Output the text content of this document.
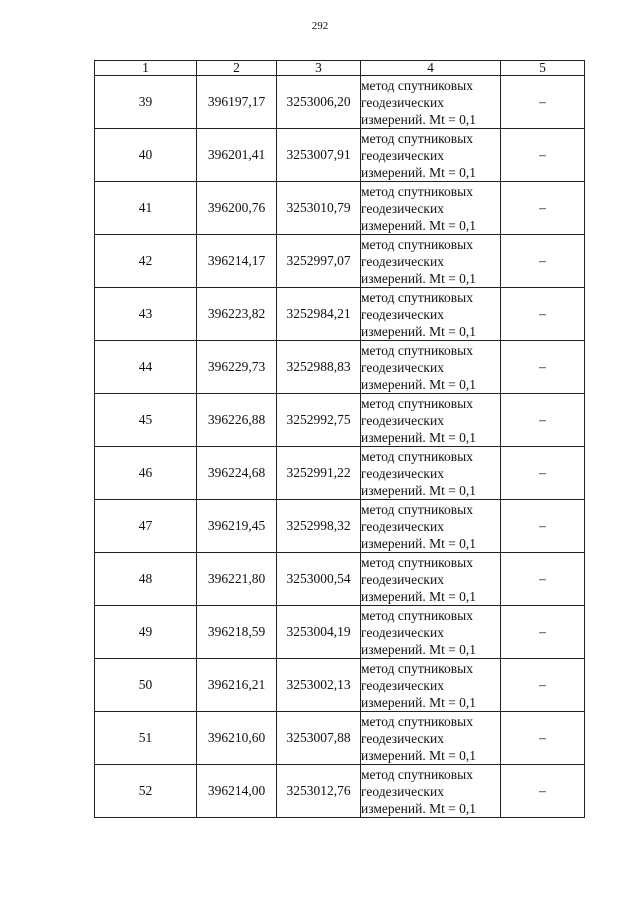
292
1	2	3	4	5
39	396197,17	3253006,20	метод спутниковых
геодезических
измерений. Mt = 0,1	–
40	396201,41	3253007,91	метод спутниковых
геодезических
измерений. Mt = 0,1	–
41	396200,76	3253010,79	метод спутниковых
геодезических
измерений. Mt = 0,1	–
42	396214,17	3252997,07	метод спутниковых
геодезических
измерений. Mt = 0,1	–
43	396223,82	3252984,21	метод спутниковых
геодезических
измерений. Mt = 0,1	–
44	396229,73	3252988,83	метод спутниковых
геодезических
измерений. Mt = 0,1	–
45	396226,88	3252992,75	метод спутниковых
геодезических
измерений. Mt = 0,1	–
46	396224,68	3252991,22	метод спутниковых
геодезических
измерений. Mt = 0,1	–
47	396219,45	3252998,32	метод спутниковых
геодезических
измерений. Mt = 0,1	–
48	396221,80	3253000,54	метод спутниковых
геодезических
измерений. Mt = 0,1	–
49	396218,59	3253004,19	метод спутниковых
геодезических
измерений. Mt = 0,1	–
50	396216,21	3253002,13	метод спутниковых
геодезических
измерений. Mt = 0,1	–
51	396210,60	3253007,88	метод спутниковых
геодезических
измерений. Mt = 0,1	–
52	396214,00	3253012,76	метод спутниковых
геодезических
измерений. Mt = 0,1	–
